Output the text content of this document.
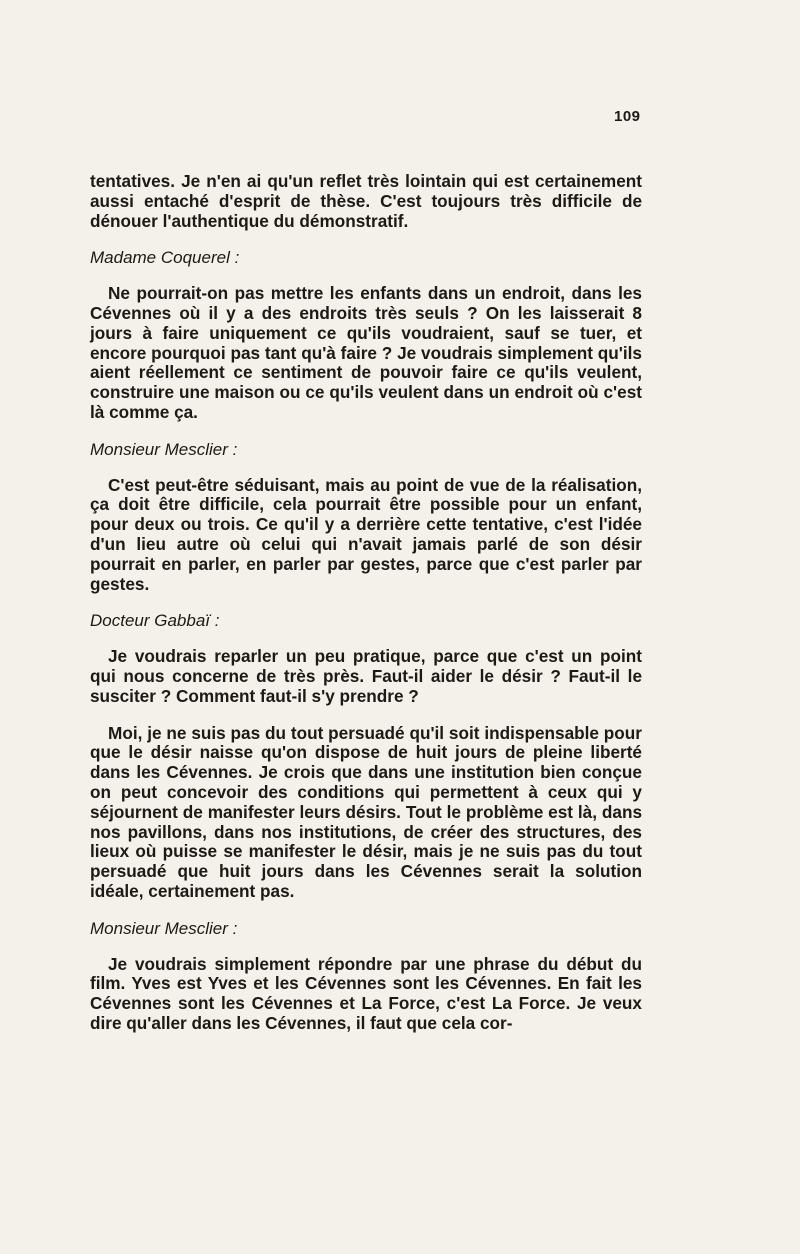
109

tentatives. Je n'en ai qu'un reflet très lointain qui est certainement aussi entaché d'esprit de thèse. C'est toujours très difficile de dénouer l'authentique du démonstratif.

Madame Coquerel :

Ne pourrait-on pas mettre les enfants dans un endroit, dans les Cévennes où il y a des endroits très seuls ? On les laisserait 8 jours à faire uniquement ce qu'ils voudraient, sauf se tuer, et encore pourquoi pas tant qu'à faire ? Je voudrais simplement qu'ils aient réellement ce sentiment de pouvoir faire ce qu'ils veulent, construire une maison ou ce qu'ils veulent dans un endroit où c'est là comme ça.

Monsieur Mesclier :

C'est peut-être séduisant, mais au point de vue de la réalisation, ça doit être difficile, cela pourrait être possible pour un enfant, pour deux ou trois. Ce qu'il y a derrière cette tentative, c'est l'idée d'un lieu autre où celui qui n'avait jamais parlé de son désir pourrait en parler, en parler par gestes, parce que c'est parler par gestes.

Docteur Gabbaï :

Je voudrais reparler un peu pratique, parce que c'est un point qui nous concerne de très près. Faut-il aider le désir ? Faut-il le susciter ? Comment faut-il s'y prendre ?

Moi, je ne suis pas du tout persuadé qu'il soit indispensable pour que le désir naisse qu'on dispose de huit jours de pleine liberté dans les Cévennes. Je crois que dans une institution bien conçue on peut concevoir des conditions qui permettent à ceux qui y séjournent de manifester leurs désirs. Tout le problème est là, dans nos pavillons, dans nos institutions, de créer des structures, des lieux où puisse se manifester le désir, mais je ne suis pas du tout persuadé que huit jours dans les Cévennes serait la solution idéale, certainement pas.

Monsieur Mesclier :

Je voudrais simplement répondre par une phrase du début du film. Yves est Yves et les Cévennes sont les Cévennes. En fait les Cévennes sont les Cévennes et La Force, c'est La Force. Je veux dire qu'aller dans les Cévennes, il faut que cela cor-
